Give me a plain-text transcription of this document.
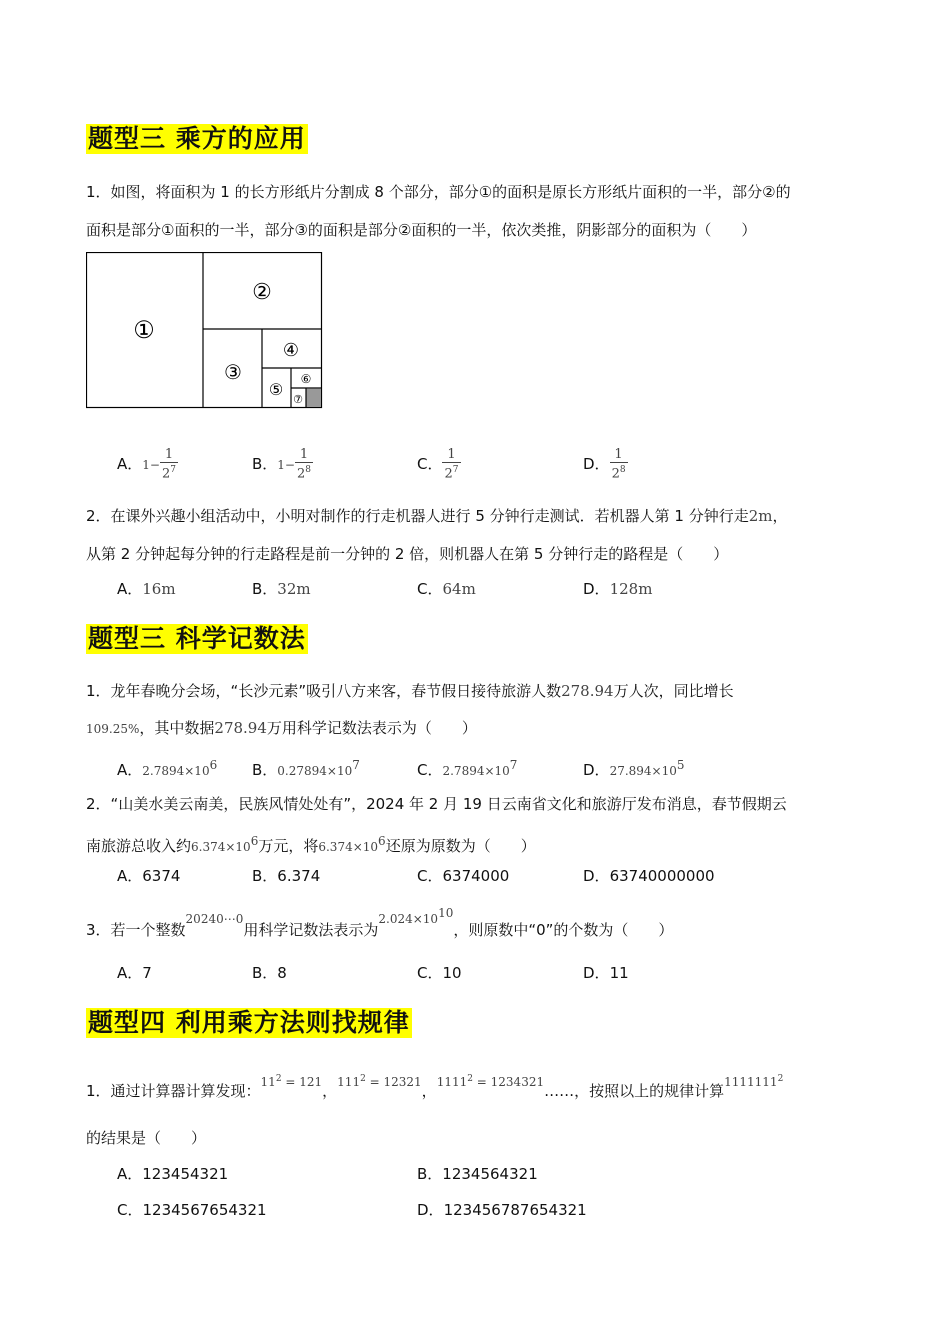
题型三 乘方的应用
1．如图，将面积为 1 的长方形纸片分割成 8 个部分，部分①的面积是原长方形纸片面积的一半，部分②的
面积是部分①面积的一半，部分③的面积是部分②面积的一半，依次类推，阴影部分的面积为（　　）
①
②
③
④
⑤
⑥
⑦
A．$1- \frac{1}{2^7}$	B．$1- \frac{1}{2^8}$	C． $\frac{1}{2^7}$	D． $\frac{1}{2^8}$
2．在课外兴趣小组活动中，小明对制作的行走机器人进行 5 分钟行走测试．若机器人第 1 分钟行走2m，
从第 2 分钟起每分钟的行走路程是前一分钟的 2 倍，则机器人在第 5 分钟行走的路程是（　　）
A．16m	B．32m	C．64m	D．128m
题型三 科学记数法
1．龙年春晚分会场，“长沙元素”吸引八方来客，春节假日接待旅游人数278.94万人次，同比增长
109.25%，其中数据278.94万用科学记数法表示为（　　）
A．$2.7894\times 10^6$ B．$0.27894\times 10^7$	C．$2.7894\times 10^7$	D．$27.894\times 10^5$
2．“山美水美云南美，民族风情处处有”，2024 年 2 月 19 日云南省文化和旅游厅发布消息，春节假期云
南旅游总收入约$6.374\times 10^6$万元，将$6.374\times 10^6$还原为原数为（　　）
A．6374	B．6.374	C．6374000	D．63740000000
3．若一个整数$^{20240\cdots 0}$用科学记数法表示为$^{2.024\times 1010}$，则原数中“0”的个数为（　　）
A．7	B．8	C．10	D．11
题型四 利用乘方法则找规律
1．通过计算器计算发现：$^{11^2 = 121}$，$^{111^2 = 12321}$，$^{1111^2 = 1234321}$……，按照以上的规律计算$^{1111111^2}$
的结果是（　　）
A．123454321	B．1234564321
C．1234567654321	D．123456787654321
